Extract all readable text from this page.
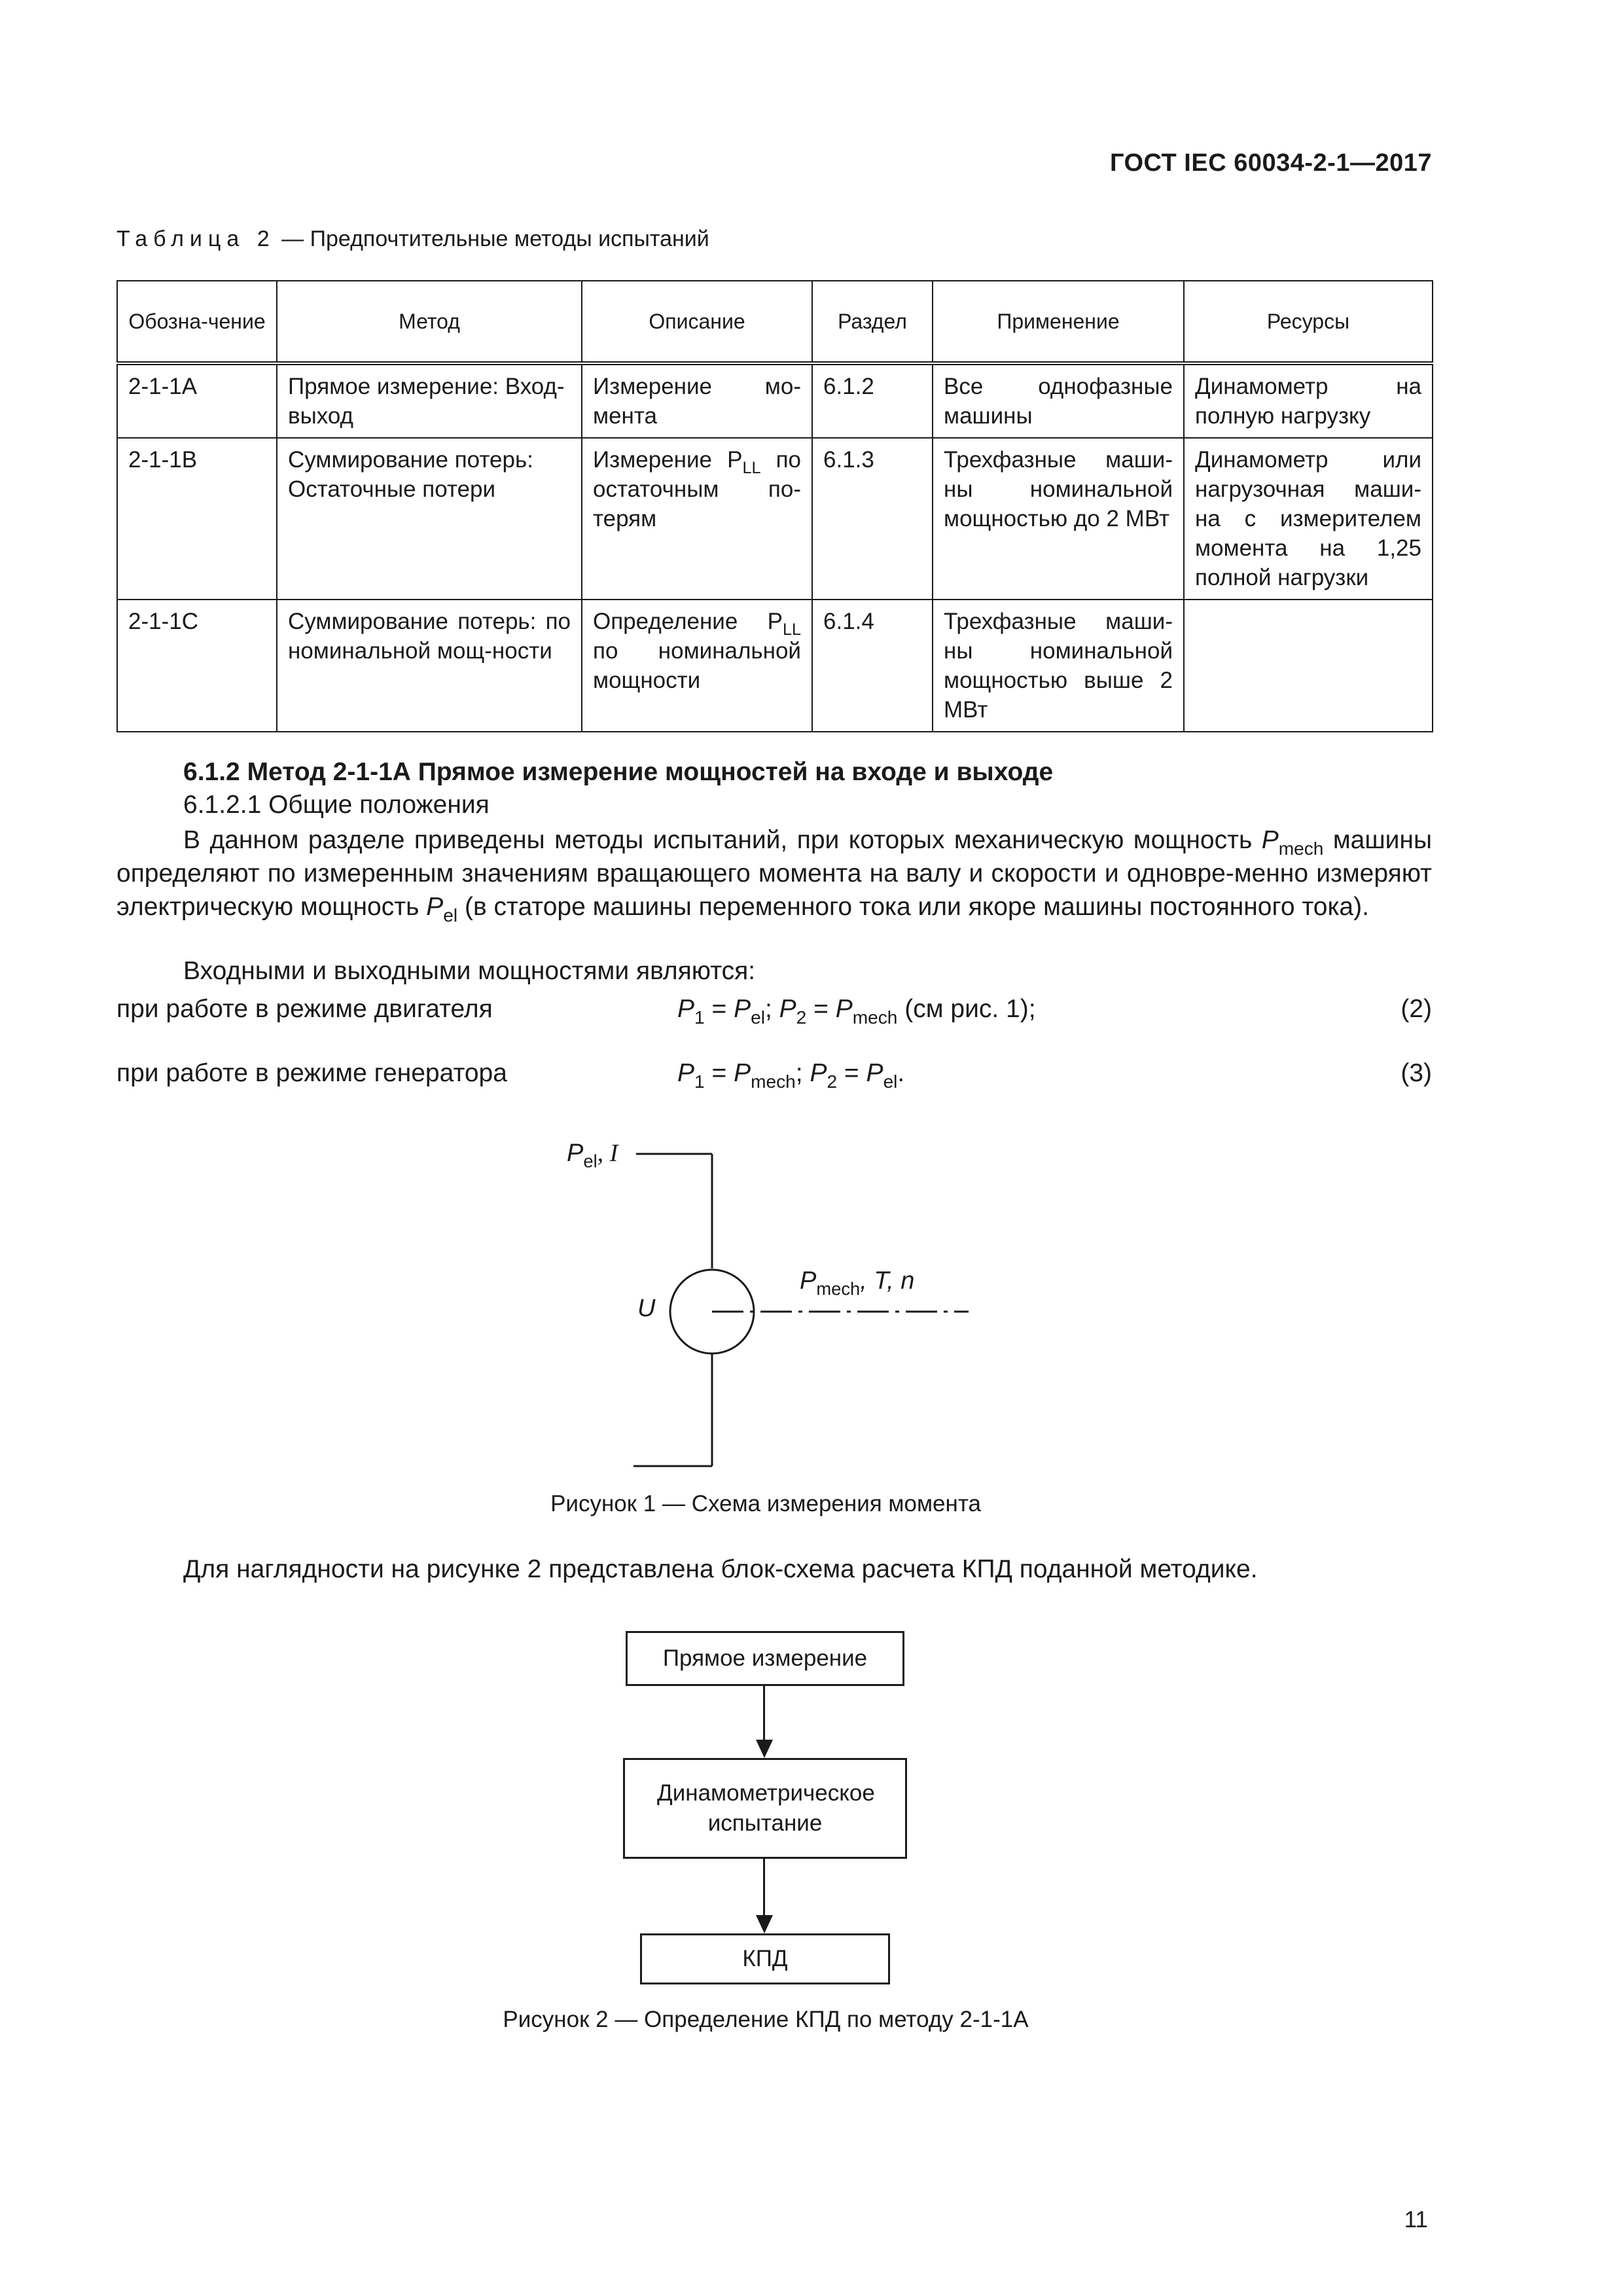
ГОСТ IEC 60034-2-1—2017
Таблица 2 — Предпочтительные методы испытаний
Обозна-чение	Метод	Описание	Раздел	Применение	Ресурсы
2-1-1A	Прямое измерение: Вход-выход	Измерение мо-мента	6.1.2	Все однофазные машины	Динамометр на полную нагрузку
2-1-1B	Суммирование потерь: Остаточные потери	Измерение $P_{LL}$ по остаточным по-терям	6.1.3	Трехфазные маши-ны номинальной мощностью до 2 МВт	Динамометр или нагрузочная маши-на с измерителем момента на 1,25 полной нагрузки
2-1-1C	Суммирование потерь: по номинальной мощ-ности	Определение $P_{LL}$ по номинальной мощности	6.1.4	Трехфазные маши-ны номинальной мощностью выше 2 МВт	
6.1.2 Метод 2-1-1А Прямое измерение мощностей на входе и выходе
6.1.2.1 Общие положения

В данном разделе приведены методы испытаний, при которых механическую мощность $P_{mech}$ машины определяют по измеренным значениям вращающего момента на валу и скорости и одновре-менно измеряют электрическую мощность $P_{el}$ (в статоре машины переменного тока или якоре машины постоянного тока).

Входными и выходными мощностями являются:
при работе в режиме двигателя	$P_1 = P_{el}$; $P_2 = P_{mech}$ (см рис. 1);	(2)
при работе в режиме генератора	$P_1 = P_{mech}$; $P_2 = P_{el}$.	(3)
$P_{el}$, I
U
$P_{mech}$, T, n
Рисунок 1 — Схема измерения момента
Для наглядности на рисунке 2 представлена блок-схема расчета КПД поданной методике.
Прямое измерение
Динамометрическое испытание
КПД
Рисунок 2 — Определение КПД по методу 2-1-1А
11
